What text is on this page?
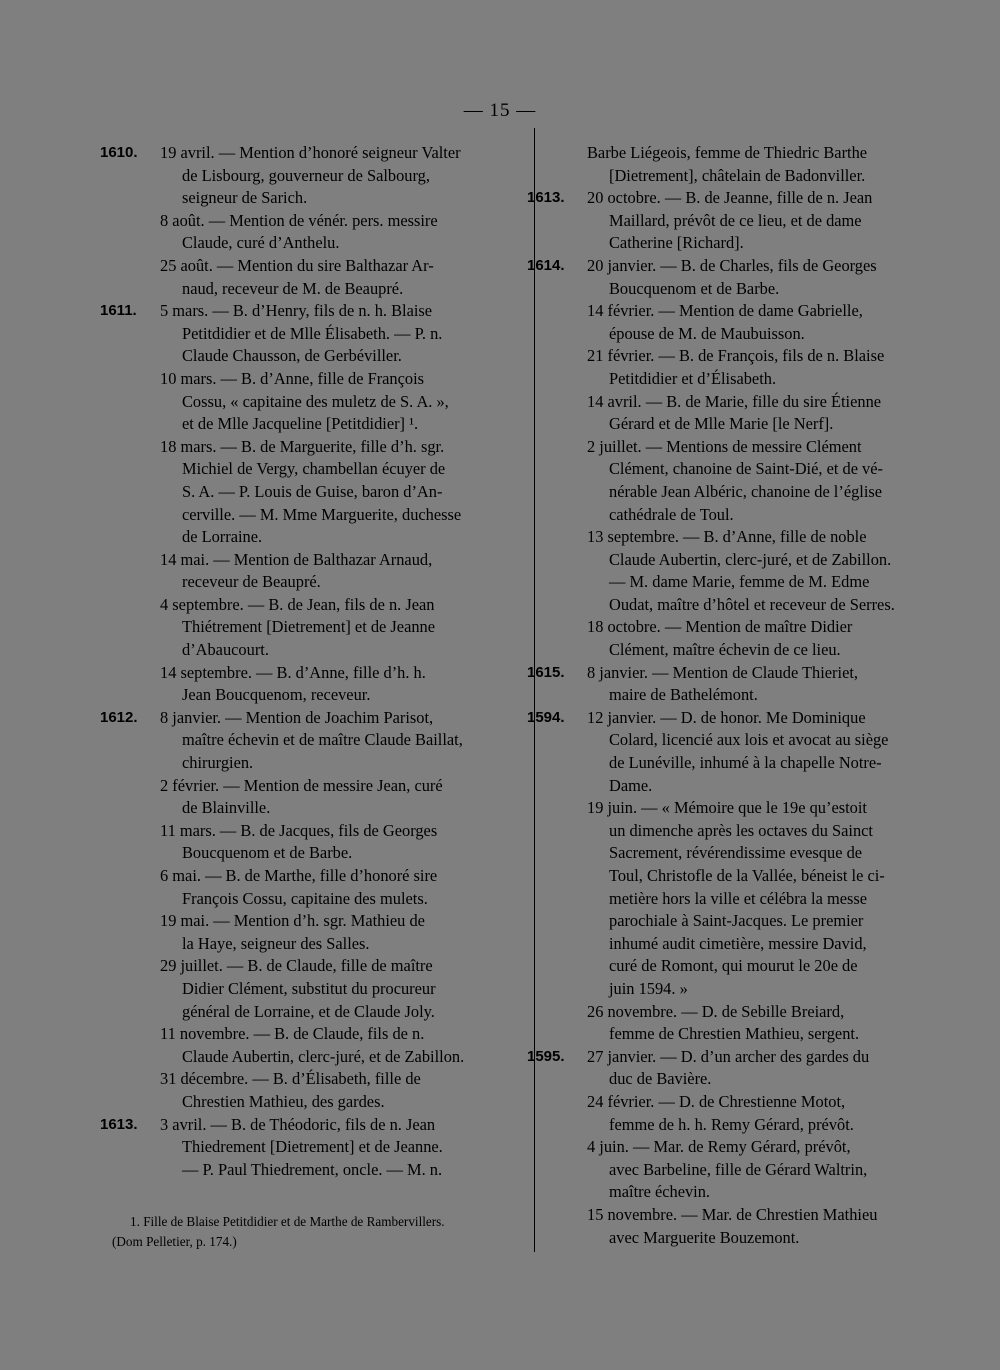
— 15 —
1610. 19 avril. — Mention d’honoré seigneur Valter
de Lisbourg, gouverneur de Salbourg,
seigneur de Sarich.
8 août. — Mention de vénér. pers. messire
Claude, curé d’Anthelu.
25 août. — Mention du sire Balthazar Ar-
naud, receveur de M. de Beaupré.
1611. 5 mars. — B. d’Henry, fils de n. h. Blaise
Petitdidier et de Mlle Élisabeth. — P. n.
Claude Chausson, de Gerbéviller.
10 mars. — B. d’Anne, fille de François
Cossu, « capitaine des muletz de S. A. »,
et de Mlle Jacqueline [Petitdidier] ¹.
18 mars. — B. de Marguerite, fille d’h. sgr.
Michiel de Vergy, chambellan écuyer de
S. A. — P. Louis de Guise, baron d’An-
cerville. — M. Mme Marguerite, duchesse
de Lorraine.
14 mai. — Mention de Balthazar Arnaud,
receveur de Beaupré.
4 septembre. — B. de Jean, fils de n. Jean
Thiétrement [Dietrement] et de Jeanne
d’Abaucourt.
14 septembre. — B. d’Anne, fille d’h. h.
Jean Boucquenom, receveur.
1612. 8 janvier. — Mention de Joachim Parisot,
maître échevin et de maître Claude Baillat,
chirurgien.
2 février. — Mention de messire Jean, curé
de Blainville.
11 mars. — B. de Jacques, fils de Georges
Boucquenom et de Barbe.
6 mai. — B. de Marthe, fille d’honoré sire
François Cossu, capitaine des mulets.
19 mai. — Mention d’h. sgr. Mathieu de
la Haye, seigneur des Salles.
29 juillet. — B. de Claude, fille de maître
Didier Clément, substitut du procureur
général de Lorraine, et de Claude Joly.
11 novembre. — B. de Claude, fils de n.
Claude Aubertin, clerc-juré, et de Zabillon.
31 décembre. — B. d’Élisabeth, fille de
Chrestien Mathieu, des gardes.
1613. 3 avril. — B. de Théodoric, fils de n. Jean
Thiedrement [Dietrement] et de Jeanne.
— P. Paul Thiedrement, oncle. — M. n.
Barbe Liégeois, femme de Thiedric Barthe
[Dietrement], châtelain de Badonviller.
1613. 20 octobre. — B. de Jeanne, fille de n. Jean
Maillard, prévôt de ce lieu, et de dame
Catherine [Richard].
1614. 20 janvier. — B. de Charles, fils de Georges
Boucquenom et de Barbe.
14 février. — Mention de dame Gabrielle,
épouse de M. de Maubuisson.
21 février. — B. de François, fils de n. Blaise
Petitdidier et d’Élisabeth.
14 avril. — B. de Marie, fille du sire Étienne
Gérard et de Mlle Marie [le Nerf].
2 juillet. — Mentions de messire Clément
Clément, chanoine de Saint-Dié, et de vé-
nérable Jean Albéric, chanoine de l’église
cathédrale de Toul.
13 septembre. — B. d’Anne, fille de noble
Claude Aubertin, clerc-juré, et de Zabillon.
— M. dame Marie, femme de M. Edme
Oudat, maître d’hôtel et receveur de Serres.
18 octobre. — Mention de maître Didier
Clément, maître échevin de ce lieu.
1615. 8 janvier. — Mention de Claude Thieriet,
maire de Bathelémont.
1594. 12 janvier. — D. de honor. Me Dominique
Colard, licencié aux lois et avocat au siège
de Lunéville, inhumé à la chapelle Notre-
Dame.
19 juin. — « Mémoire que le 19e qu’estoit
un dimenche après les octaves du Sainct
Sacrement, révérendissime evesque de
Toul, Christofle de la Vallée, béneist le ci-
metière hors la ville et célébra la messe
parochiale à Saint-Jacques. Le premier
inhumé audit cimetière, messire David,
curé de Romont, qui mourut le 20e de
juin 1594. »
26 novembre. — D. de Sebille Breiard,
femme de Chrestien Mathieu, sergent.
1595. 27 janvier. — D. d’un archer des gardes du
duc de Bavière.
24 février. — D. de Chrestienne Motot,
femme de h. h. Remy Gérard, prévôt.
4 juin. — Mar. de Remy Gérard, prévôt,
avec Barbeline, fille de Gérard Waltrin,
maître échevin.
15 novembre. — Mar. de Chrestien Mathieu
avec Marguerite Bouzemont.
1. Fille de Blaise Petitdidier et de Marthe de Rambervillers.
(Dom Pelletier, p. 174.)
